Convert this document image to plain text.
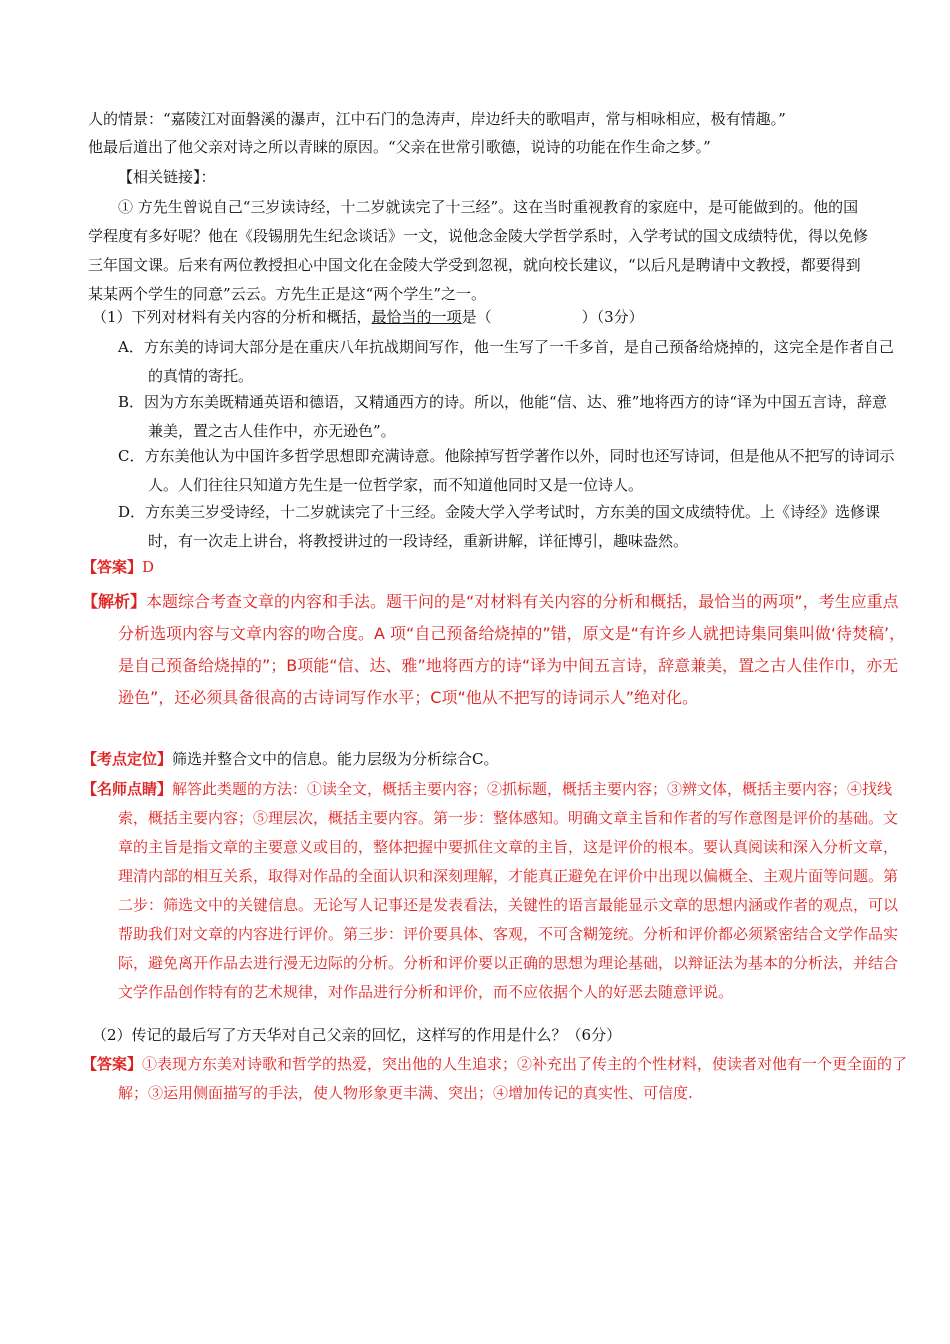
人的情景：“嘉陵江对面磐溪的瀑声，江中石门的急涛声，岸边纤夫的歌唱声，常与相咏相应，极有情趣。”

他最后道出了他父亲对诗之所以青睐的原因。“父亲在世常引歌德，说诗的功能在作生命之梦。”

【相关链接】：

① 方先生曾说自己“三岁读诗经，十二岁就读完了十三经”。这在当时重视教育的家庭中，是可能做到的。他的国学程度有多好呢？他在《段锡朋先生纪念谈话》一文，说他念金陵大学哲学系时，入学考试的国文成绩特优，得以免修三年国文课。后来有两位教授担心中国文化在金陵大学受到忽视，就向校长建议，“以后凡是聘请中文教授，都要得到某某两个学生的同意”云云。方先生正是这“两个学生”之一。

（1）下列对材料有关内容的分析和概括，最恰当的一项是（	）（3分）

A．方东美的诗词大部分是在重庆八年抗战期间写作，他一生写了一千多首，是自己预备给烧掉的，这完全是作者自己的真情的寄托。

B．因为方东美既精通英语和德语，又精通西方的诗。所以，他能“信、达、雅”地将西方的诗“译为中国五言诗，辞意兼美，置之古人佳作中，亦无逊色”。

C．方东美他认为中国许多哲学思想即充满诗意。他除掉写哲学著作以外，同时也还写诗词，但是他从不把写的诗词示人。人们往往只知道方先生是一位哲学家，而不知道他同时又是一位诗人。

D．方东美三岁受诗经，十二岁就读完了十三经。金陵大学入学考试时，方东美的国文成绩特优。上《诗经》选修课时，有一次走上讲台，将教授讲过的一段诗经，重新讲解，详征博引，趣味盎然。

【答案】D

【解析】本题综合考查文章的内容和手法。题干问的是“对材料有关内容的分析和概括，最恰当的两项”，考生应重点分析选项内容与文章内容的吻合度。A 项“自己预备给烧掉的”错，原文是“有许乡人就把诗集同集叫做‘待焚稿’，是自己预备给烧掉的”；B项能“信、达、雅”地将西方的诗“译为中间五言诗，辞意兼美，置之古人佳作巾，亦无逊色”，还必须具备很高的古诗词写作水平；C项“他从不把写的诗词示人”绝对化。

【考点定位】筛选并整合文中的信息。能力层级为分析综合C。

【名师点睛】解答此类题的方法：①读全文，概括主要内容；②抓标题，概括主要内容；③辨文体，概括主要内容；④找线索，概括主要内容；⑤理层次，概括主要内容。第一步：整体感知。明确文章主旨和作者的写作意图是评价的基础。文章的主旨是指文章的主要意义或目的，整体把握中要抓住文章的主旨，这是评价的根本。要认真阅读和深入分析文章，理清内部的相互关系，取得对作品的全面认识和深刻理解，才能真正避免在评价中出现以偏概全、主观片面等问题。第二步：筛选文中的关键信息。无论写人记事还是发表看法，关键性的语言最能显示文章的思想内涵或作者的观点，可以帮助我们对文章的内容进行评价。第三步：评价要具体、客观，不可含糊笼统。分析和评价都必须紧密结合文学作品实际，避免离开作品去进行漫无边际的分析。分析和评价要以正确的思想为理论基础，以辩证法为基本的分析法，并结合文学作品创作特有的艺术规律，对作品进行分析和评价，而不应依据个人的好恶去随意评说。

（2）传记的最后写了方天华对自己父亲的回忆，这样写的作用是什么？（6分）

【答案】①表现方东美对诗歌和哲学的热爱，突出他的人生追求；②补充出了传主的个性材料，使读者对他有一个更全面的了解；③运用侧面描写的手法，使人物形象更丰满、突出；④增加传记的真实性、可信度.
